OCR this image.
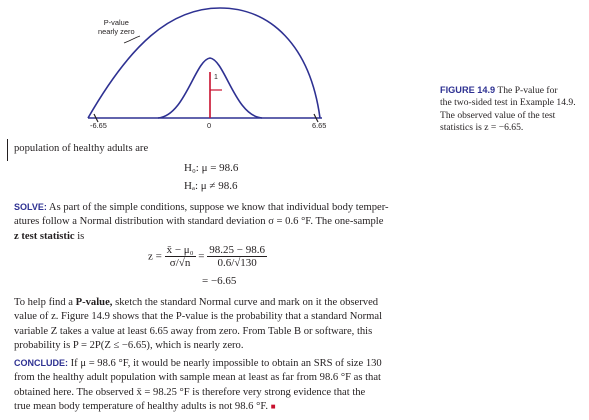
1
P-value
nearly zero
-6.65	0	6.65
FIGURE 14.9 The P-value for
the two-sided test in Example 14.9.
The observed value of the test
statistics is z = −6.65.
population of healthy adults are
H₀: μ = 98.6
Hₐ: μ ≠ 98.6
SOLVE: As part of the simple conditions, suppose we know that individual body temper-
atures follow a Normal distribution with standard deviation σ = 0.6 °F. The one-sample
z test statistic is
$z = \frac{\text{x̄ − μ₀}}{\sigma/√n} = \frac{98.25 - 98.6}{0.6/√130}$
= −6.65
To help find a P-value, sketch the standard Normal curve and mark on it the observed
value of z. Figure 14.9 shows that the P-value is the probability that a standard Normal
variable Z takes a value at least 6.65 away from zero. From Table B or software, this
probability is P = 2P(Z ≤ −6.65), which is nearly zero.
CONCLUDE: If μ = 98.6 °F, it would be nearly impossible to obtain an SRS of size 130
from the healthy adult population with sample mean at least as far from 98.6 °F as that
obtained here. The observed x̄ = 98.25 °F is therefore very strong evidence that the
true mean body temperature of healthy adults is not 98.6 °F. ■
